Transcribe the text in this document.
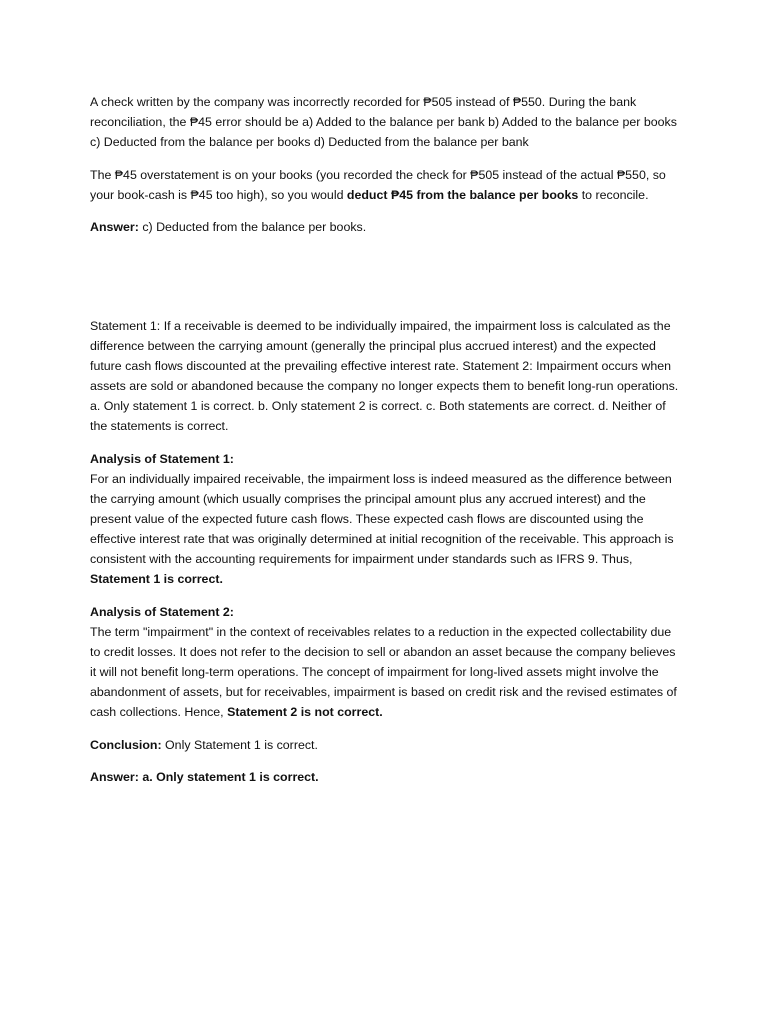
A check written by the company was incorrectly recorded for ₱505 instead of ₱550. During the bank reconciliation, the ₱45 error should be a) Added to the balance per bank b) Added to the balance per books c) Deducted from the balance per books d) Deducted from the balance per bank

The ₱45 overstatement is on your books (you recorded the check for ₱505 instead of the actual ₱550, so your book-cash is ₱45 too high), so you would deduct ₱45 from the balance per books to reconcile.

Answer: c) Deducted from the balance per books.

Statement 1: If a receivable is deemed to be individually impaired, the impairment loss is calculated as the difference between the carrying amount (generally the principal plus accrued interest) and the expected future cash flows discounted at the prevailing effective interest rate. Statement 2: Impairment occurs when assets are sold or abandoned because the company no longer expects them to benefit long-run operations. a. Only statement 1 is correct. b. Only statement 2 is correct. c. Both statements are correct. d. Neither of the statements is correct.

Analysis of Statement 1:
For an individually impaired receivable, the impairment loss is indeed measured as the difference between the carrying amount (which usually comprises the principal amount plus any accrued interest) and the present value of the expected future cash flows. These expected cash flows are discounted using the effective interest rate that was originally determined at initial recognition of the receivable. This approach is consistent with the accounting requirements for impairment under standards such as IFRS 9. Thus, Statement 1 is correct.

Analysis of Statement 2:
The term "impairment" in the context of receivables relates to a reduction in the expected collectability due to credit losses. It does not refer to the decision to sell or abandon an asset because the company believes it will not benefit long-term operations. The concept of impairment for long-lived assets might involve the abandonment of assets, but for receivables, impairment is based on credit risk and the revised estimates of cash collections. Hence, Statement 2 is not correct.

Conclusion: Only Statement 1 is correct.

Answer: a. Only statement 1 is correct.
